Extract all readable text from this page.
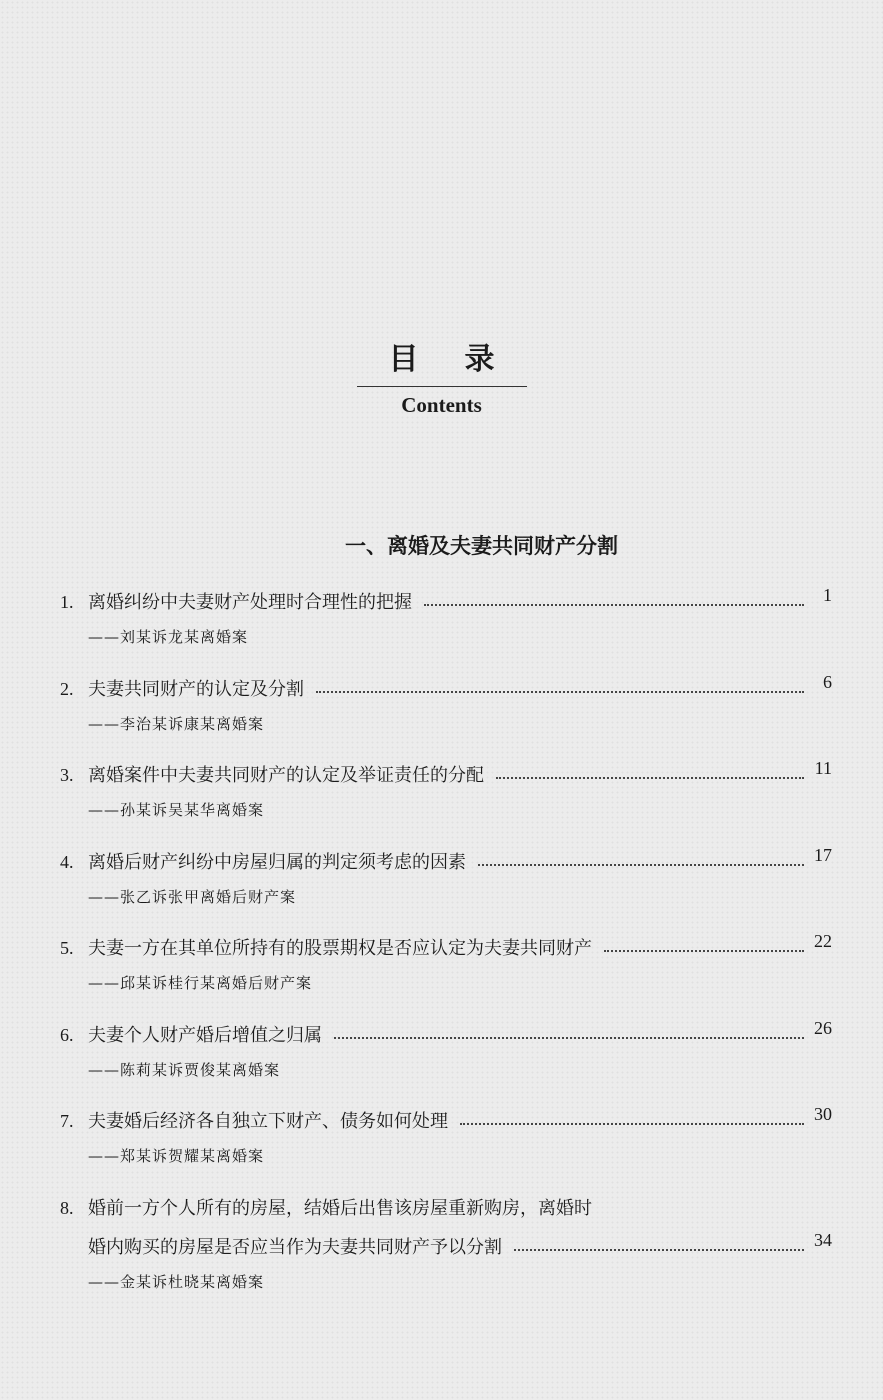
目录
Contents
一、离婚及夫妻共同财产分割
1. 离婚纠纷中夫妻财产处理时合理性的把握	1
——刘某诉龙某离婚案
2. 夫妻共同财产的认定及分割	6
——李治某诉康某离婚案
3. 离婚案件中夫妻共同财产的认定及举证责任的分配	11
——孙某诉吴某华离婚案
4. 离婚后财产纠纷中房屋归属的判定须考虑的因素	17
——张乙诉张甲离婚后财产案
5. 夫妻一方在其单位所持有的股票期权是否应认定为夫妻共同财产	22
——邱某诉桂行某离婚后财产案
6. 夫妻个人财产婚后增值之归属	26
——陈莉某诉贾俊某离婚案
7. 夫妻婚后经济各自独立下财产、债务如何处理	30
——郑某诉贺耀某离婚案
8. 婚前一方个人所有的房屋，结婚后出售该房屋重新购房，离婚时
婚内购买的房屋是否应当作为夫妻共同财产予以分割	34
——金某诉杜晓某离婚案
